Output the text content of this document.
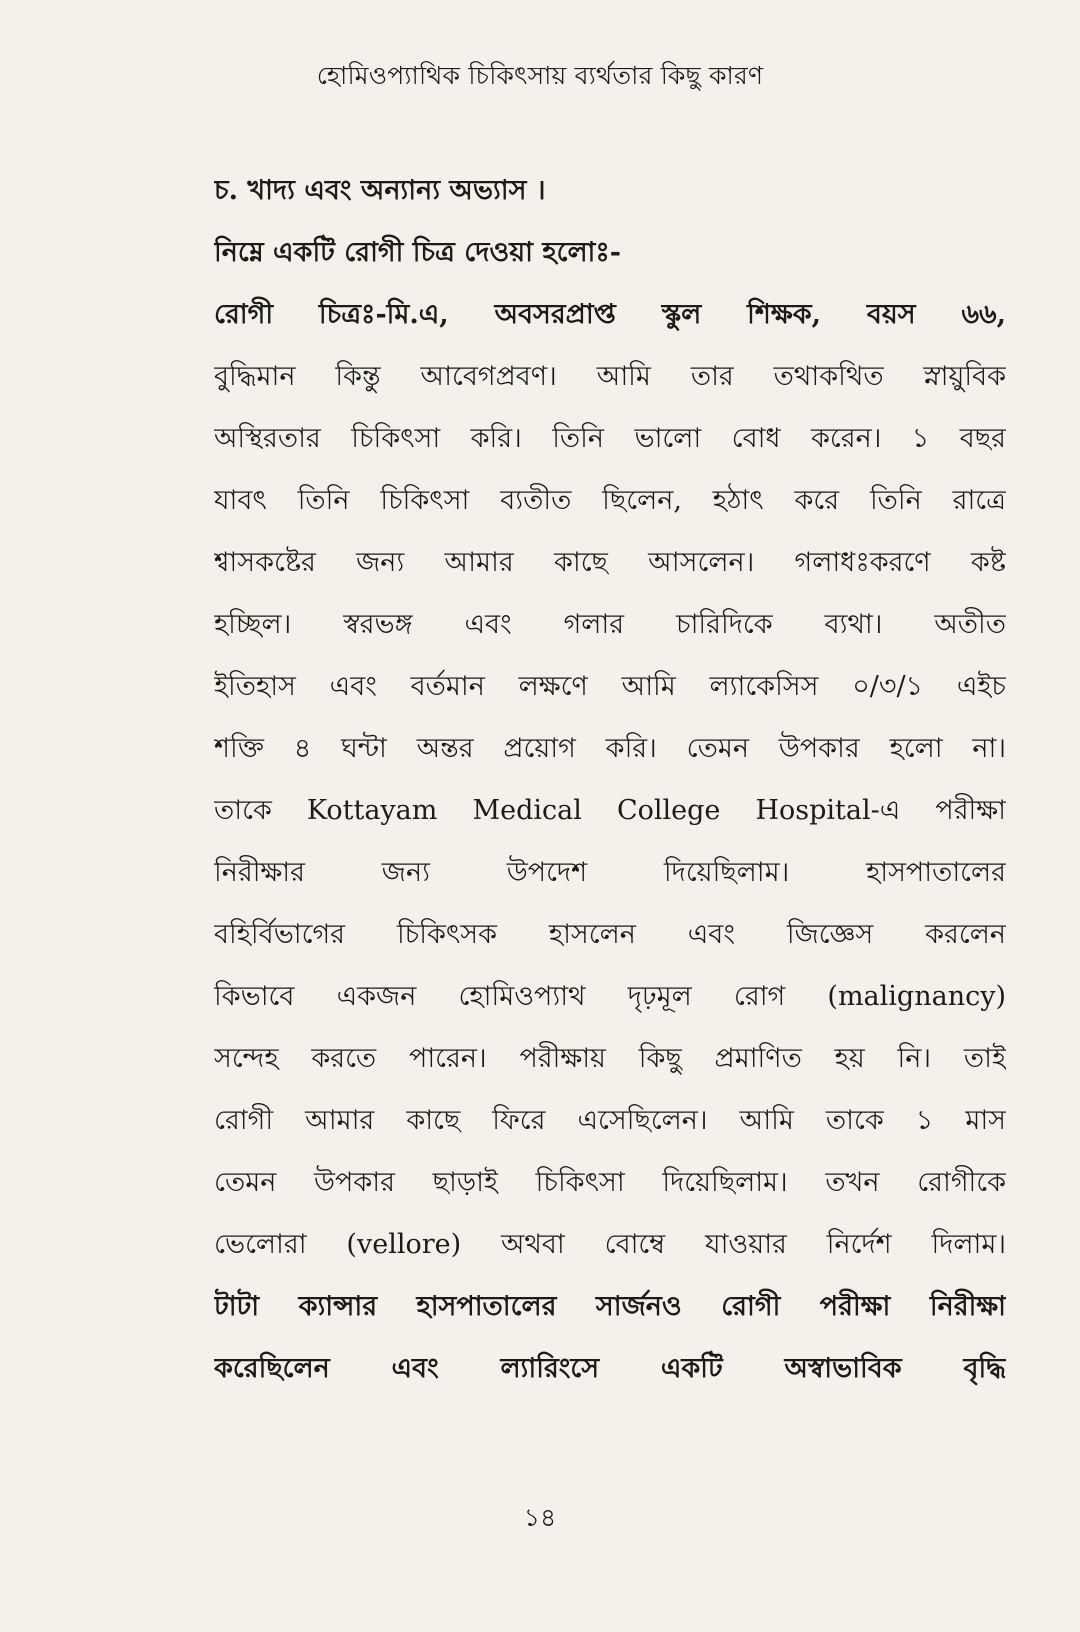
হোমিওপ্যাথিক চিকিৎসায় ব্যর্থতার কিছু কারণ
চ. খাদ্য এবং অন্যান্য অভ্যাস ।
নিম্নে একটি রোগী চিত্র দেওয়া হলোঃ-
রোগী চিত্রঃ-মি.এ, অবসরপ্রাপ্ত স্কুল শিক্ষক, বয়স ৬৬,
বুদ্ধিমান কিন্তু আবেগপ্রবণ। আমি তার তথাকথিত স্নায়ুবিক
অস্থিরতার চিকিৎসা করি। তিনি ভালো বোধ করেন। ১ বছর
যাবৎ তিনি চিকিৎসা ব্যতীত ছিলেন, হঠাৎ করে তিনি রাত্রে
শ্বাসকষ্টের জন্য আমার কাছে আসলেন। গলাধঃকরণে কষ্ট
হচ্ছিল। স্বরভঙ্গ এবং গলার চারিদিকে ব্যথা। অতীত
ইতিহাস এবং বর্তমান লক্ষণে আমি ল্যাকেসিস ০/৩/১ এইচ
শক্তি ৪ ঘন্টা অন্তর প্রয়োগ করি। তেমন উপকার হলো না।
তাকে Kottayam Medical College Hospital-এ পরীক্ষা
নিরীক্ষার জন্য উপদেশ দিয়েছিলাম। হাসপাতালের
বহির্বিভাগের চিকিৎসক হাসলেন এবং জিজ্ঞেস করলেন
কিভাবে একজন হোমিওপ্যাথ দৃঢ়মূল রোগ (malignancy)
সন্দেহ করতে পারেন। পরীক্ষায় কিছু প্রমাণিত হয় নি। তাই
রোগী আমার কাছে ফিরে এসেছিলেন। আমি তাকে ১ মাস
তেমন উপকার ছাড়াই চিকিৎসা দিয়েছিলাম। তখন রোগীকে
ভেলোরা (vellore) অথবা বোম্বে যাওয়ার নির্দেশ দিলাম।
টাটা ক্যান্সার হাসপাতালের সার্জনও রোগী পরীক্ষা নিরীক্ষা
করেছিলেন এবং ল্যারিংসে একটি অস্বাভাবিক বৃদ্ধি
১৪
